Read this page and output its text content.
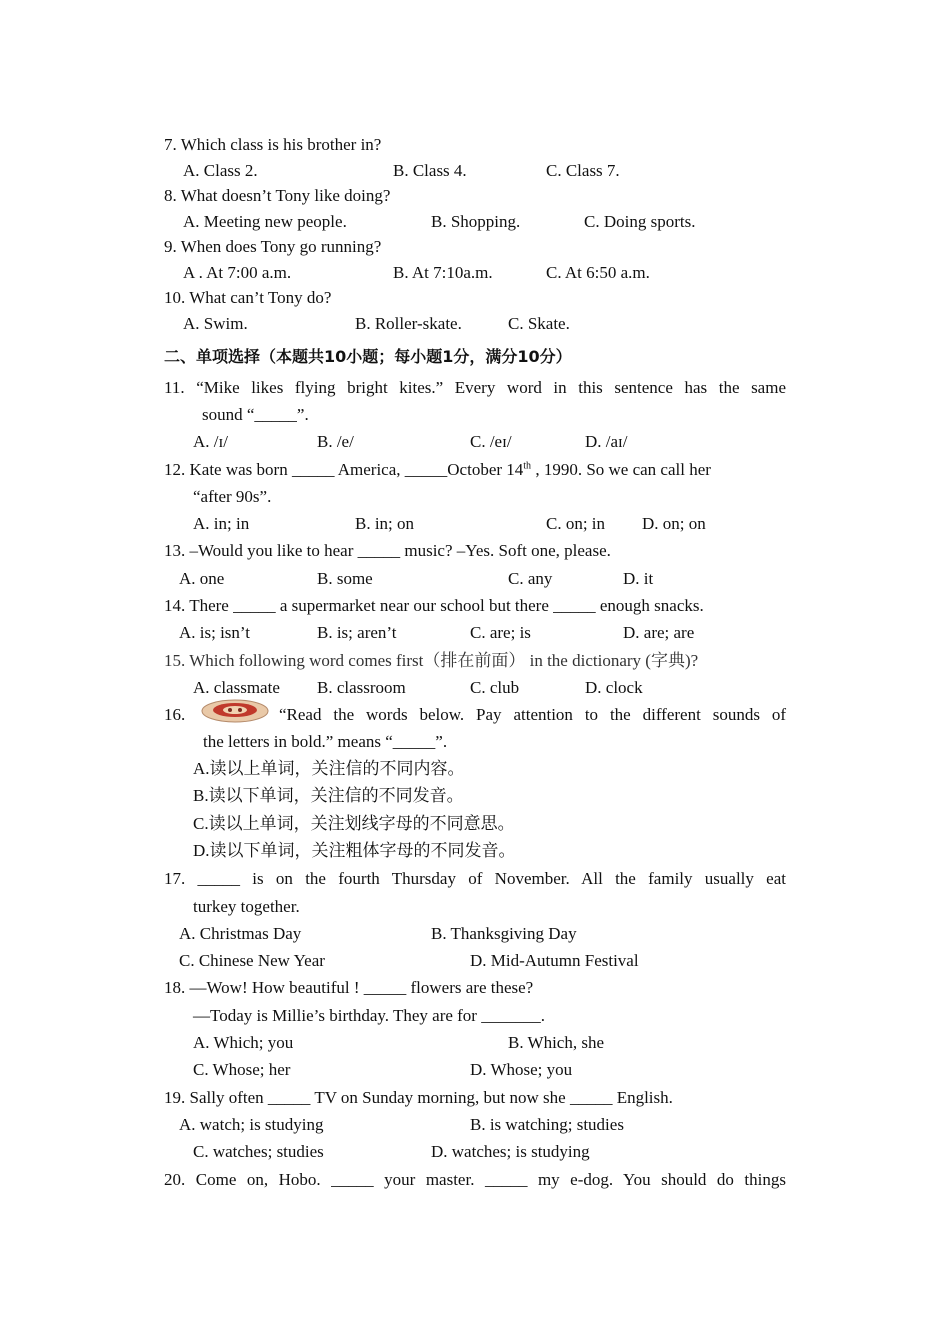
7. Which class is his brother in?
A. Class 2.	B. Class 4.	C. Class 7.
8. What doesn’t Tony like doing?
A. Meeting new people.	B. Shopping.	C. Doing sports.
9. When does Tony go running?
A . At 7:00 a.m.	B. At 7:10a.m.	C. At 6:50 a.m.
10. What can’t Tony do?
A. Swim.	B. Roller-skate.	C. Skate.
二、单项选择（本题共10小题；每小题1分，满分10分）
11. “Mike likes flying bright kites.” Every word in this sentence has the same
sound “_____”.
A. /ɪ/	B. /e/	C. /eɪ/	D. /aɪ/
12. Kate was born _____ America, _____October 14th , 1990. So we can call her
“after 90s”.
A. in; in	B. in; on	C. on; in D. on; on
13. –Would you like to hear _____ music? –Yes. Soft one, please.
A. one	B. some	C. any	D. it
14. There _____ a supermarket near our school but there _____ enough snacks.
A. is; isn’t	B. is; aren’t	C. are; is	D. are; are
15. Which following word comes first（排在前面） in the dictionary (字典)?
A. classmate B. classroom	C. club	D. clock
16.	“Read the words below. Pay attention to the different sounds of
the letters in bold.” means “_____”.
A.读以上单词，关注信的不同内容。
B.读以下单词，关注信的不同发音。
C.读以上单词，关注划线字母的不同意思。
D.读以下单词，关注粗体字母的不同发音。
17. _____ is on the fourth Thursday of November. All the family usually eat
turkey together.
A. Christmas Day	B. Thanksgiving Day
C. Chinese New Year	D. Mid-Autumn Festival
18. —Wow! How beautiful ! _____ flowers are these?
—Today is Millie’s birthday. They are for _______.
A. Which; you	B. Which, she
C. Whose; her	D. Whose; you
19. Sally often _____ TV on Sunday morning, but now she _____ English.
A. watch; is studying	B. is watching; studies
C. watches; studies	D. watches; is studying
20. Come on, Hobo. _____ your master. _____ my e-dog. You should do things
